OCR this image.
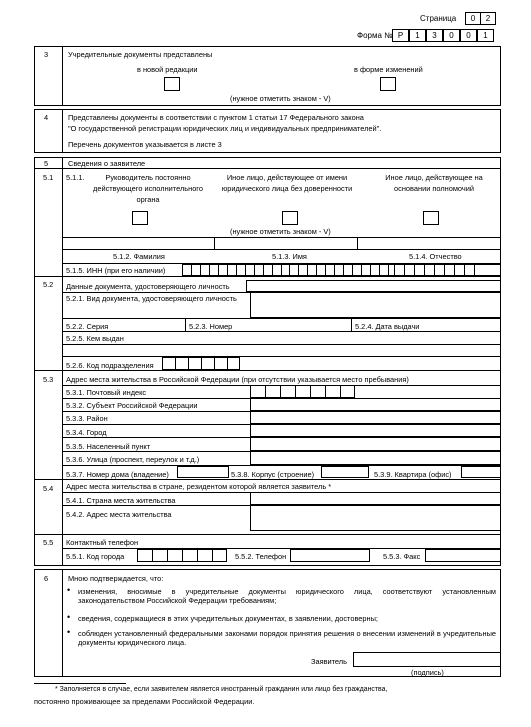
Страница	0	2
Форма № Р	1	3	0	0	1
3	Учредительные документы представлены
в новой редакции	в форме изменений
(нужное отметить знаком - V)
4	Представлены документы в соответствии с пунктом 1 статьи 17 Федерального закона
"О государственной регистрации юридических лиц и индивидуальных предпринимателей".
Перечень документов указывается в листе 3
5	Сведения о заявителе
5.1 5.1.1.	Руководитель постоянно
действующего исполнительного
органа
Иное лицо, действующее от имени
юридического лица без доверенности
Иное лицо, действующее на
основании полномочий
(нужное отметить знаком - V)
5.1.2. Фамилия	5.1.3. Имя	5.1.4. Отчество
5.1.5. ИНН (при его наличии)
5.2 Данные документа, удостоверяющего личность
5.2.1. Вид документа, удостоверяющего личность
5.2.2. Серия	5.2.3. Номер	5.2.4. Дата выдачи
5.2.5. Кем выдан
5.2.6. Код подразделения
5.3 Адрес места жительства в Российской Федерации (при отсутствии указывается место пребывания)
5.3.1. Почтовый индекс
5.3.2. Субъект Российской Федерации
5.3.3. Район
5.3.4. Город
5.3.5. Населенный пункт
5.3.6. Улица (проспект, переулок и т.д.)
5.3.7. Номер дома (владение)	5.3.8. Корпус (строение)	5.3.9. Квартира (офис)
5.4 Адрес места жительства в стране, резидентом которой является заявитель *
5.4.1. Страна места жительства
5.4.2. Адрес места жительства
5.5 Контактный телефон
5.5.1. Код города	5.5.2. Телефон	5.5.3. Факс
6	Мною подтверждается, что:
• изменения, вносимые в учредительные документы юридического лица, соответствуют установленным законодательством Российской Федерации требованиям;
• сведения, содержащиеся в этих учредительных документах, в заявлении, достоверны;
• соблюден установленный федеральными законами порядок принятия решения о внесении изменений в учредительные документы юридического лица.
Заявитель
(подпись)
* Заполняется в случае, если заявителем является иностранный гражданин или лицо без гражданства,
постоянно проживающее за пределами Российской Федерации.
